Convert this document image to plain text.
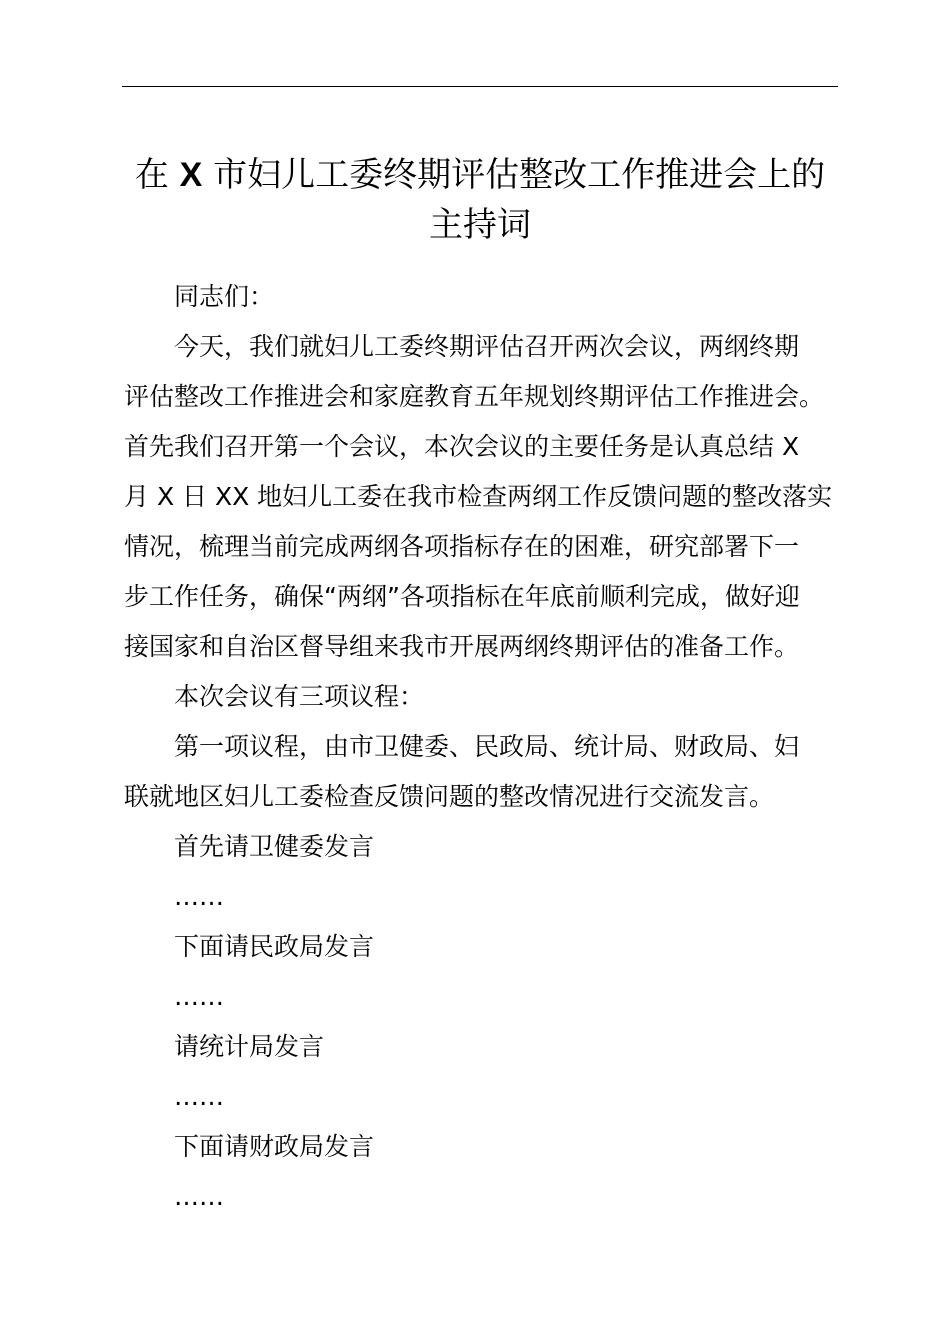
在 X 市妇儿工委终期评估整改工作推进会上的
主持词

同志们：

今天，我们就妇儿工委终期评估召开两次会议，两纲终期
评估整改工作推进会和家庭教育五年规划终期评估工作推进会。
首先我们召开第一个会议，本次会议的主要任务是认真总结 X
月 X 日 XX 地妇儿工委在我市检查两纲工作反馈问题的整改落实
情况，梳理当前完成两纲各项指标存在的困难，研究部署下一
步工作任务，确保“两纲”各项指标在年底前顺利完成，做好迎
接国家和自治区督导组来我市开展两纲终期评估的准备工作。

本次会议有三项议程：

第一项议程，由市卫健委、民政局、统计局、财政局、妇
联就地区妇儿工委检查反馈问题的整改情况进行交流发言。

首先请卫健委发言

……

下面请民政局发言

……

请统计局发言

……

下面请财政局发言

……
